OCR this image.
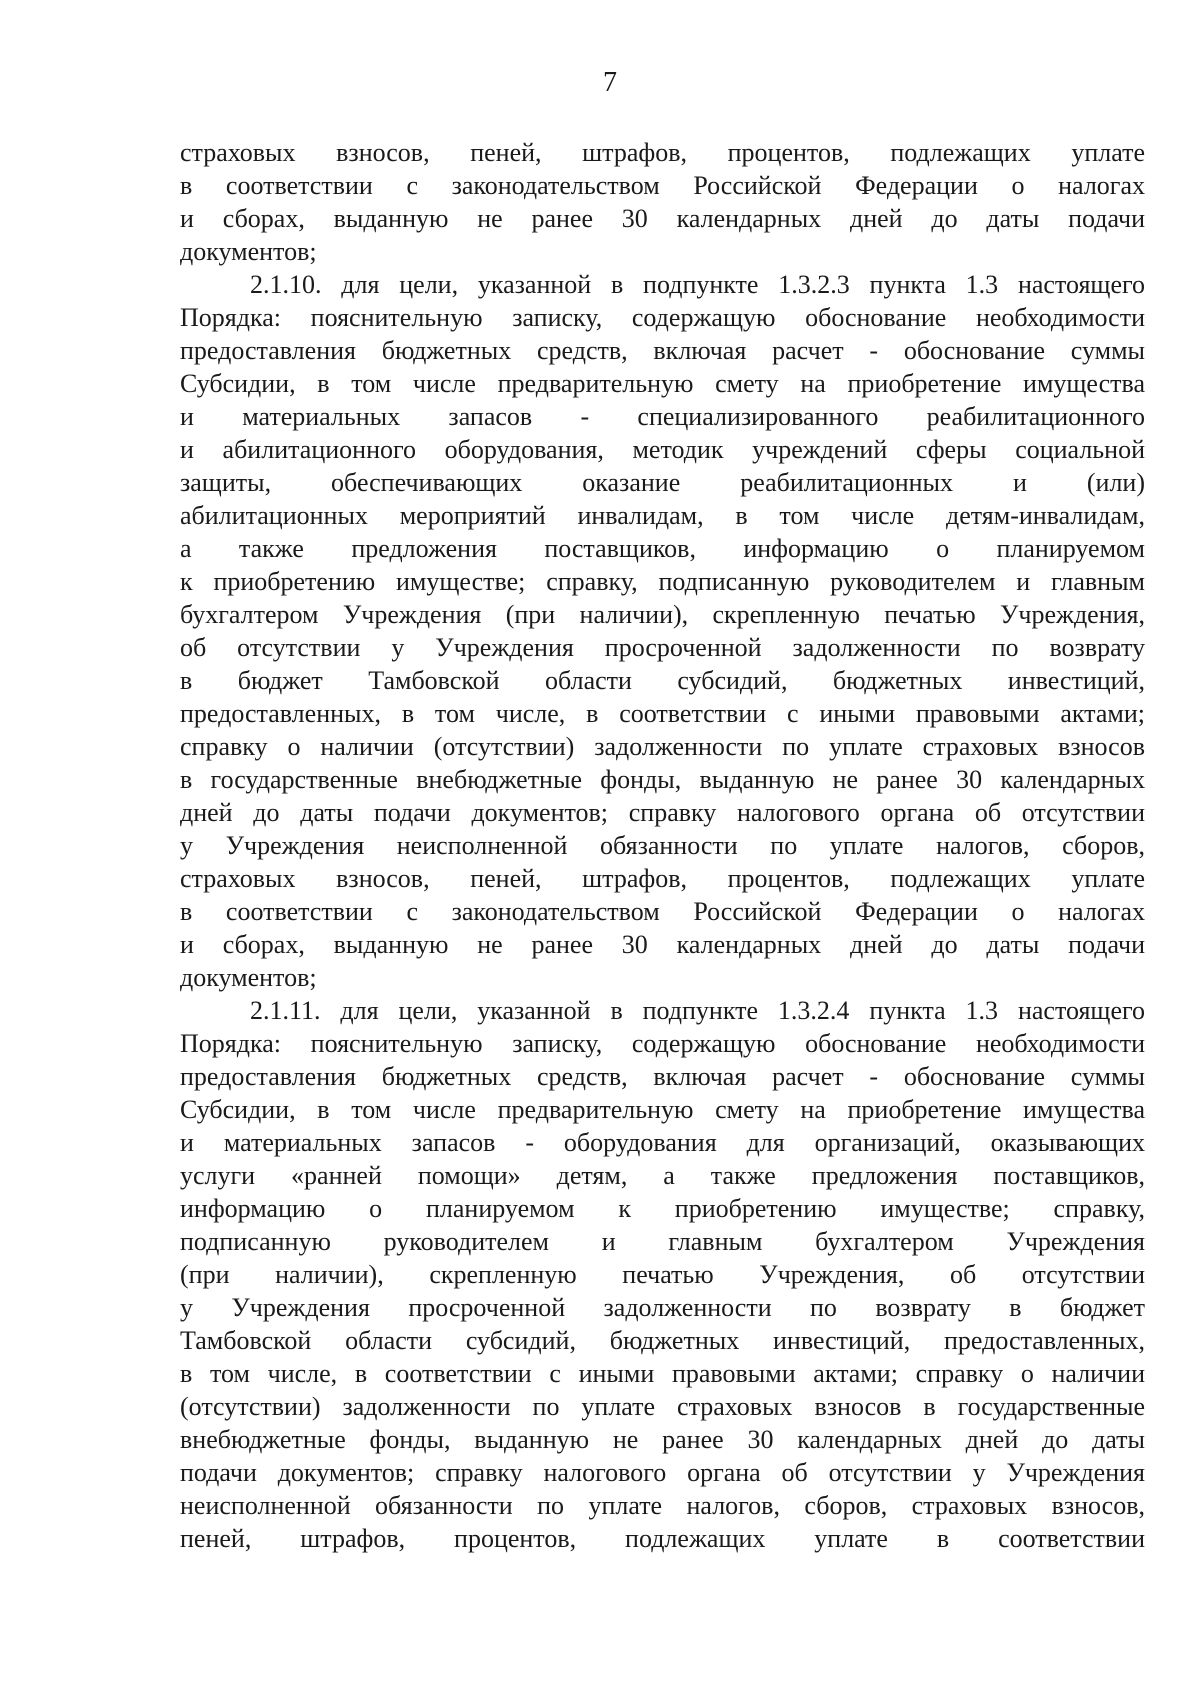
7
страховых взносов, пеней, штрафов, процентов, подлежащих уплате
в соответствии с законодательством Российской Федерации о налогах
и сборах, выданную не ранее 30 календарных дней до даты подачи
документов;
2.1.10. для цели, указанной в подпункте 1.3.2.3 пункта 1.3 настоящего
Порядка: пояснительную записку, содержащую обоснование необходимости
предоставления бюджетных средств, включая расчет - обоснование суммы
Субсидии, в том числе предварительную смету на приобретение имущества
и материальных запасов - специализированного реабилитационного
и абилитационного оборудования, методик учреждений сферы социальной
защиты, обеспечивающих оказание реабилитационных и (или)
абилитационных мероприятий инвалидам, в том числе детям-инвалидам,
а также предложения поставщиков, информацию о планируемом
к приобретению имуществе; справку, подписанную руководителем и главным
бухгалтером Учреждения (при наличии), скрепленную печатью Учреждения,
об отсутствии у Учреждения просроченной задолженности по возврату
в бюджет Тамбовской области субсидий, бюджетных инвестиций,
предоставленных, в том числе, в соответствии с иными правовыми актами;
справку о наличии (отсутствии) задолженности по уплате страховых взносов
в государственные внебюджетные фонды, выданную не ранее 30 календарных
дней до даты подачи документов; справку налогового органа об отсутствии
у Учреждения неисполненной обязанности по уплате налогов, сборов,
страховых взносов, пеней, штрафов, процентов, подлежащих уплате
в соответствии с законодательством Российской Федерации о налогах
и сборах, выданную не ранее 30 календарных дней до даты подачи
документов;
2.1.11. для цели, указанной в подпункте 1.3.2.4 пункта 1.3 настоящего
Порядка: пояснительную записку, содержащую обоснование необходимости
предоставления бюджетных средств, включая расчет - обоснование суммы
Субсидии, в том числе предварительную смету на приобретение имущества
и материальных запасов - оборудования для организаций, оказывающих
услуги «ранней помощи» детям, а также предложения поставщиков,
информацию о планируемом к приобретению имуществе; справку,
подписанную руководителем и главным бухгалтером Учреждения
(при наличии), скрепленную печатью Учреждения, об отсутствии
у Учреждения просроченной задолженности по возврату в бюджет
Тамбовской области субсидий, бюджетных инвестиций, предоставленных,
в том числе, в соответствии с иными правовыми актами; справку о наличии
(отсутствии) задолженности по уплате страховых взносов в государственные
внебюджетные фонды, выданную не ранее 30 календарных дней до даты
подачи документов; справку налогового органа об отсутствии у Учреждения
неисполненной обязанности по уплате налогов, сборов, страховых взносов,
пеней, штрафов, процентов, подлежащих уплате в соответствии
